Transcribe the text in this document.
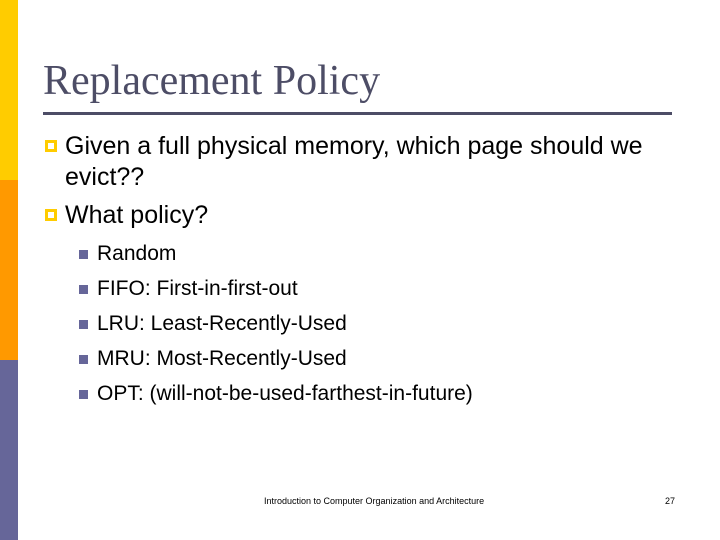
Replacement Policy
Given a full physical memory, which page should we evict??
What policy?
Random
FIFO: First-in-first-out
LRU: Least-Recently-Used
MRU: Most-Recently-Used
OPT: (will-not-be-used-farthest-in-future)
Introduction to Computer Organization and Architecture	27
